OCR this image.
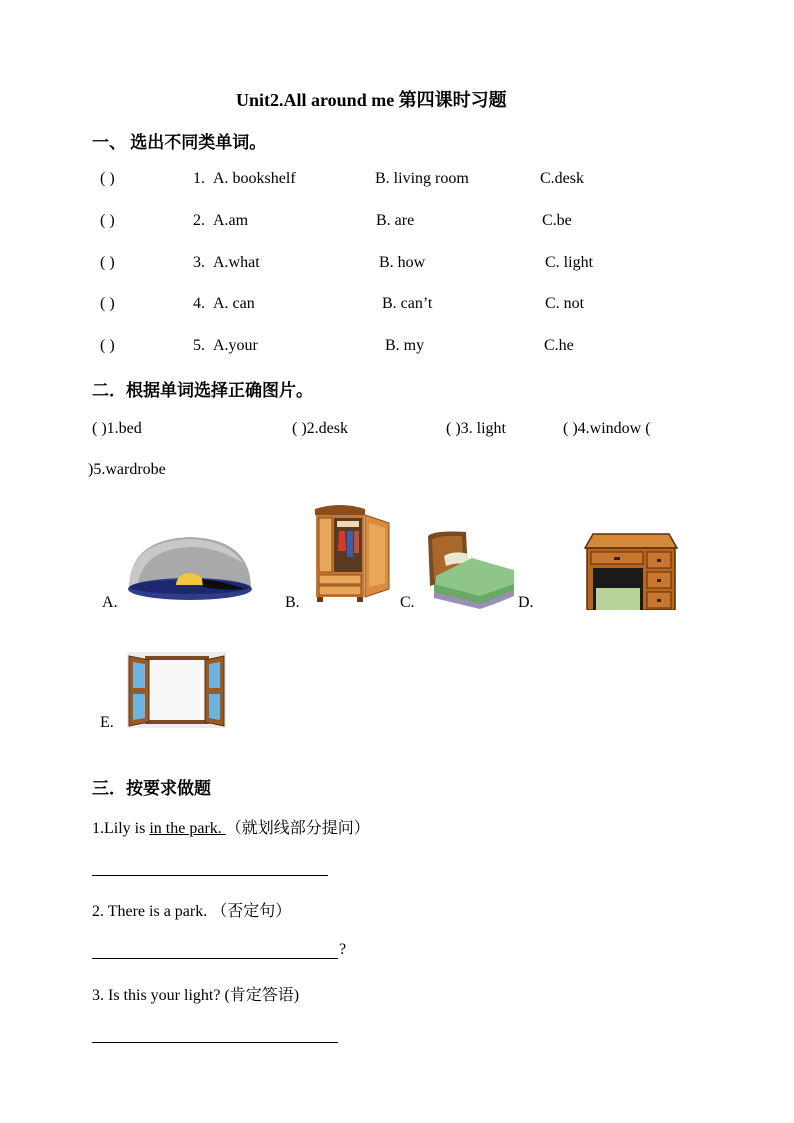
Unit2.All around me 第四课时习题
一、 选出不同类单词。
( )	1. A. bookshelf	B. living room	C.desk
( )	2. A.am	B. are	C.be
( )	3. A.what	B. how	C. light
( )	4. A. can	B. can’t	C. not
( )	5. A.your	B. my	C.he
二．根据单词选择正确图片。
( )1.bed	( )2.desk	( )3. light	( )4.window (
)5.wardrobe
A.	B.	C.	D.
E.
三．按要求做题
1.Lily is in the park. （就划线部分提问）
2. There is a park. （否定句）
?
3. Is this your light? (肯定答语)
